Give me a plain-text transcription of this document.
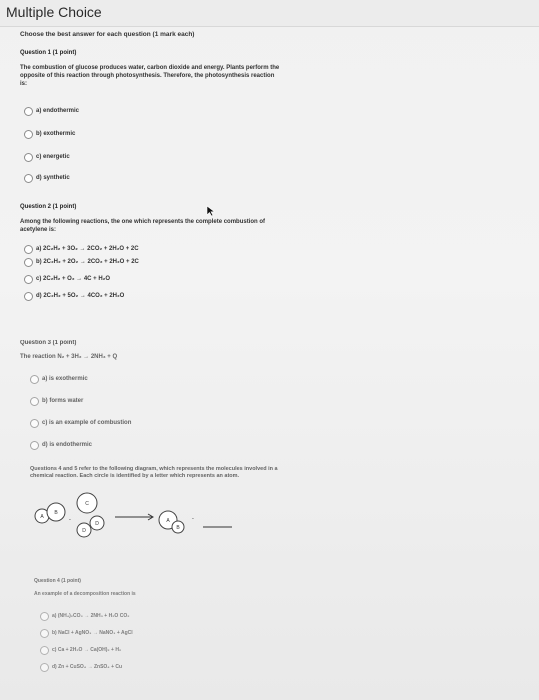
Multiple Choice
Choose the best answer for each question (1 mark each)
Question 1 (1 point)
The combustion of glucose produces water, carbon dioxide and energy. Plants perform the opposite of this reaction through photosynthesis. Therefore, the photosynthesis reaction is:
a) endothermic
b) exothermic
c) energetic
d) synthetic
Question 2 (1 point)
Among the following reactions, the one which represents the complete combustion of acetylene is:
a) 2C₂H₂ + 3O₂ → 2CO₂ + 2H₂O + 2C
b) 2C₂H₂ + 2O₂ → 2CO₂ + 2H₂O + 2C
c) 2C₂H₂ + O₂ → 4C + H₂O
d) 2C₂H₂ + 5O₂ → 4CO₂ + 2H₂O
Question 3 (1 point)
The reaction N₂ + 3H₂ → 2NH₃ + Q
a) is exothermic
b) forms water
c) is an example of combustion
d) is endothermic
Questions 4 and 5 refer to the following diagram, which represents the molecules involved in a chemical reaction. Each circle is identified by a letter which represents an atom.
A
B
C
D
D
A
B
·	·
Question 4 (1 point)
An example of a decomposition reaction is
a) (NH₄)₂CO₃ → 2NH₃ + H₂O CO₂
b) NaCl + AgNO₃ → NaNO₃ + AgCl
c) Ca + 2H₂O → Ca(OH)₂ + H₂
d) Zn + CuSO₄ → ZnSO₄ + Cu
